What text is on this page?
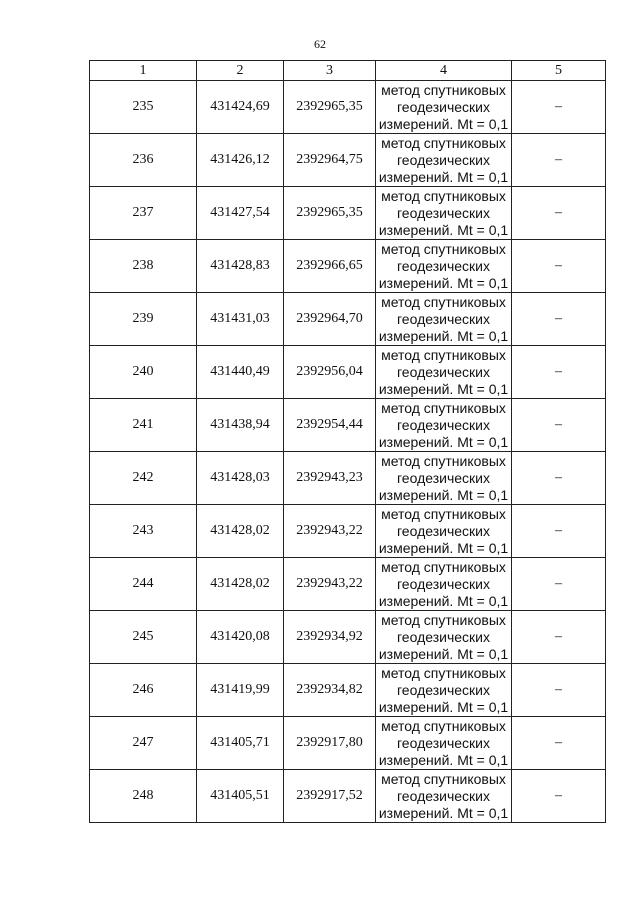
62
1	2	3	4	5
235	431424,69	2392965,35	метод спутниковых
геодезических
измерений. Mt = 0,1	–
236	431426,12	2392964,75	метод спутниковых
геодезических
измерений. Mt = 0,1	–
237	431427,54	2392965,35	метод спутниковых
геодезических
измерений. Mt = 0,1	–
238	431428,83	2392966,65	метод спутниковых
геодезических
измерений. Mt = 0,1	–
239	431431,03	2392964,70	метод спутниковых
геодезических
измерений. Mt = 0,1	–
240	431440,49	2392956,04	метод спутниковых
геодезических
измерений. Mt = 0,1	–
241	431438,94	2392954,44	метод спутниковых
геодезических
измерений. Mt = 0,1	–
242	431428,03	2392943,23	метод спутниковых
геодезических
измерений. Mt = 0,1	–
243	431428,02	2392943,22	метод спутниковых
геодезических
измерений. Mt = 0,1	–
244	431428,02	2392943,22	метод спутниковых
геодезических
измерений. Mt = 0,1	–
245	431420,08	2392934,92	метод спутниковых
геодезических
измерений. Mt = 0,1	–
246	431419,99	2392934,82	метод спутниковых
геодезических
измерений. Mt = 0,1	–
247	431405,71	2392917,80	метод спутниковых
геодезических
измерений. Mt = 0,1	–
248	431405,51	2392917,52	метод спутниковых
геодезических
измерений. Mt = 0,1	–
